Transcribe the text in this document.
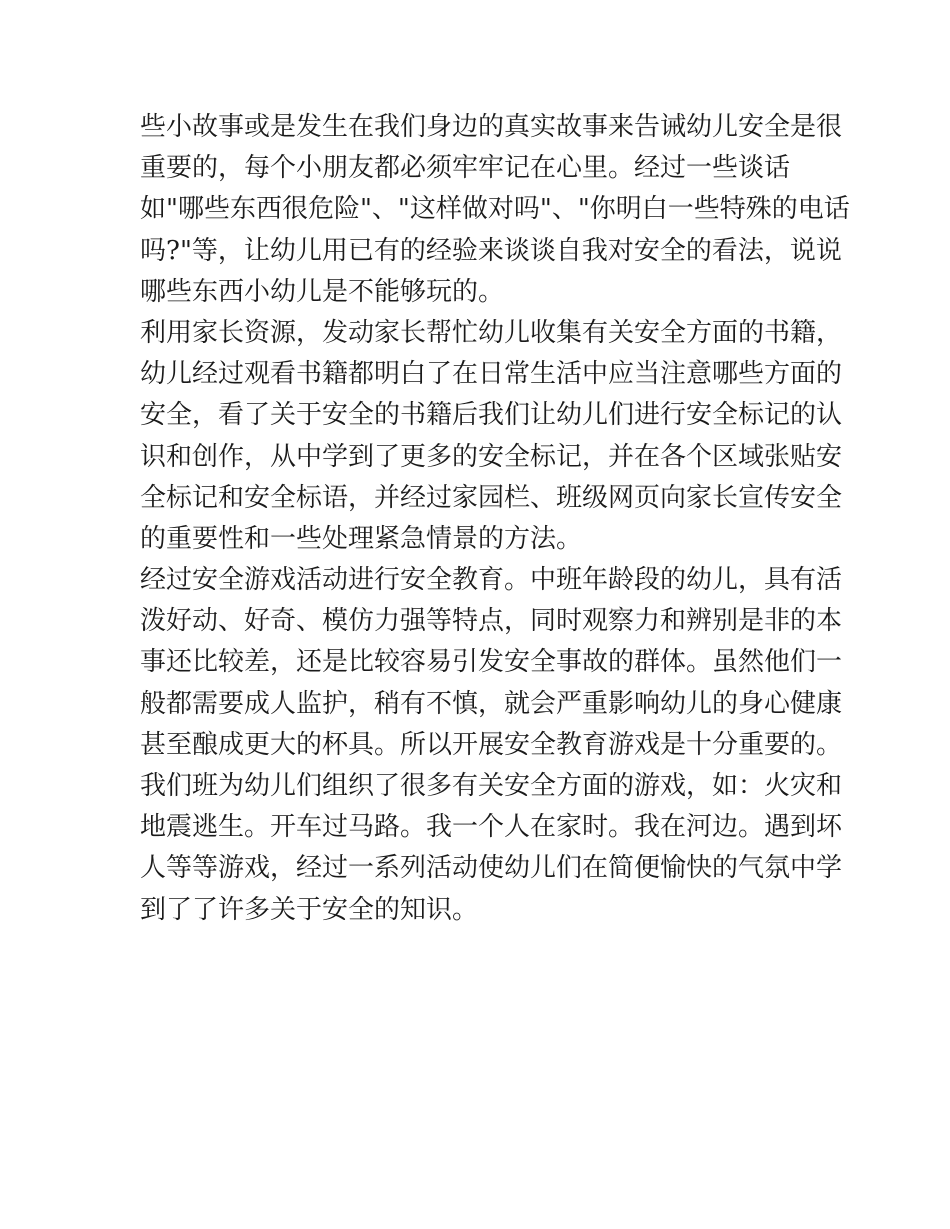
些小故事或是发生在我们身边的真实故事来告诫幼儿安全是很
重要的，每个小朋友都必须牢牢记在心里。经过一些谈话
如"哪些东西很危险"、"这样做对吗"、"你明白一些特殊的电话
吗?"等，让幼儿用已有的经验来谈谈自我对安全的看法，说说
哪些东西小幼儿是不能够玩的。
利用家长资源，发动家长帮忙幼儿收集有关安全方面的书籍，
幼儿经过观看书籍都明白了在日常生活中应当注意哪些方面的
安全，看了关于安全的书籍后我们让幼儿们进行安全标记的认
识和创作，从中学到了更多的安全标记，并在各个区域张贴安
全标记和安全标语，并经过家园栏、班级网页向家长宣传安全
的重要性和一些处理紧急情景的方法。
经过安全游戏活动进行安全教育。中班年龄段的幼儿，具有活
泼好动、好奇、模仿力强等特点，同时观察力和辨别是非的本
事还比较差，还是比较容易引发安全事故的群体。虽然他们一
般都需要成人监护，稍有不慎，就会严重影响幼儿的身心健康
甚至酿成更大的杯具。所以开展安全教育游戏是十分重要的。
我们班为幼儿们组织了很多有关安全方面的游戏，如：火灾和
地震逃生。开车过马路。我一个人在家时。我在河边。遇到坏
人等等游戏，经过一系列活动使幼儿们在简便愉快的气氛中学
到了了许多关于安全的知识。
